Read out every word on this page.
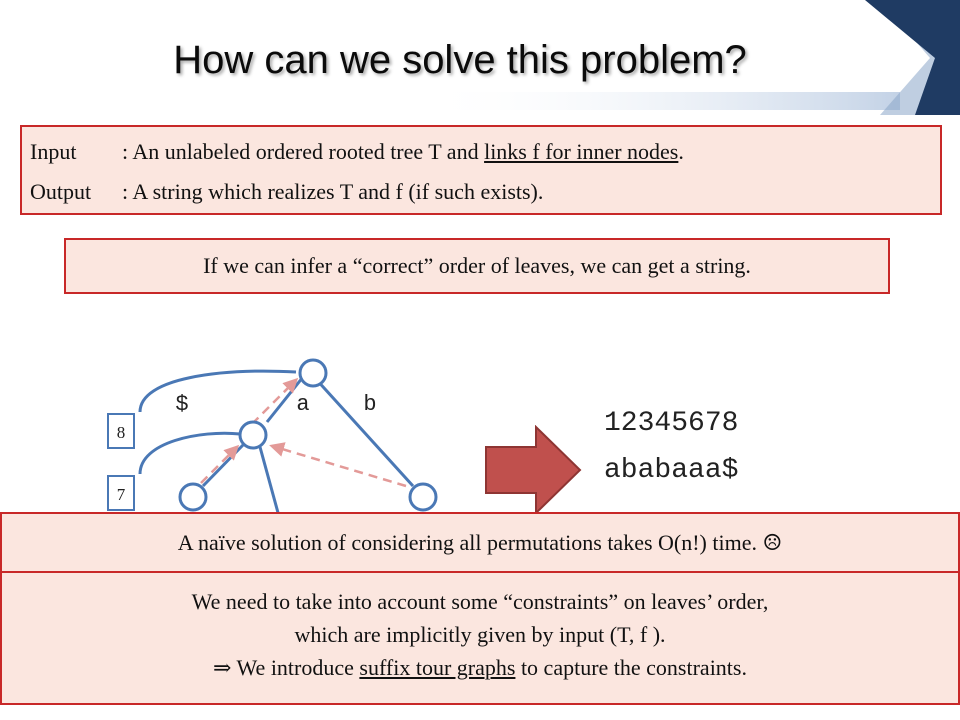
How can we solve this problem?
Input : An unlabeled ordered rooted tree T and links f for inner nodes.
Output : A string which realizes T and f (if such exists).
If we can infer a “correct” order of leaves, we can get a string.
8
7
$	a b
12345678
ababaaa$
A naïve solution of considering all permutations takes O(n!) time. ☹
We need to take into account some “constraints” on leaves’ order,
which are implicitly given by input (T, f ).
⇒ We introduce suffix tour graphs to capture the constraints.
